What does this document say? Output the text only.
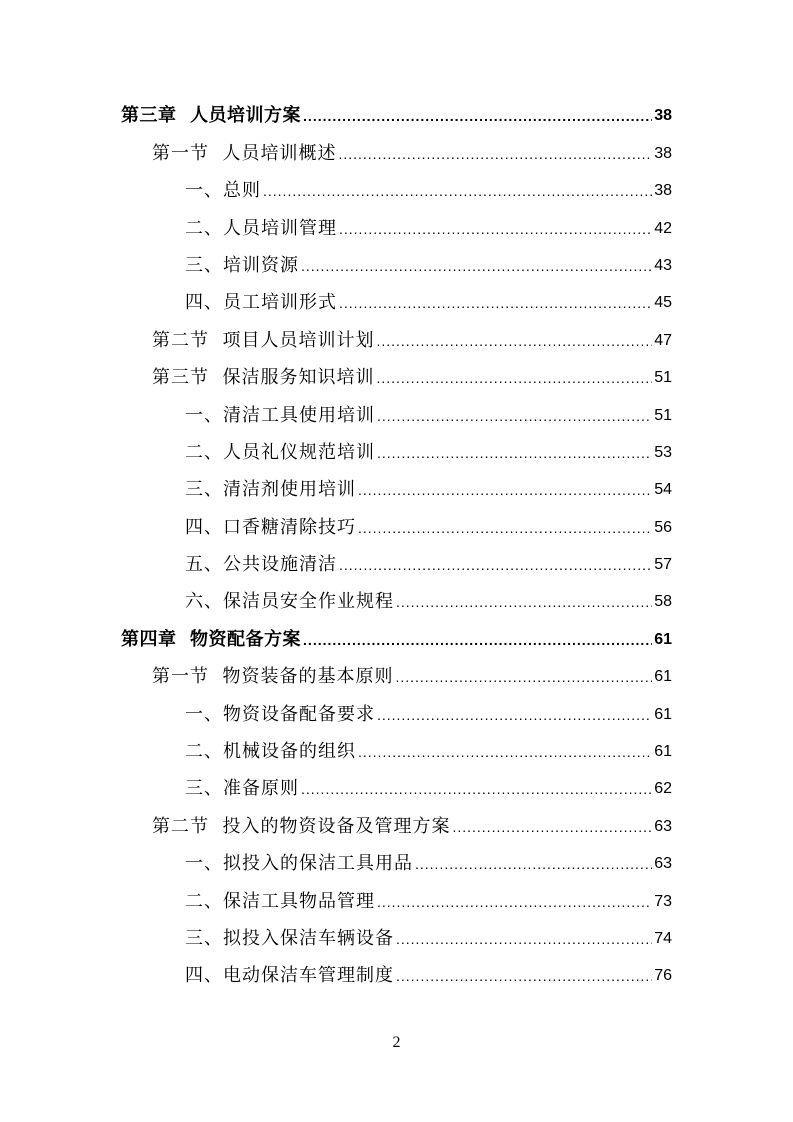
第三章  人员培训方案 .....	38
第一节  人员培训概述 .....	38
一、总则 .....	38
二、人员培训管理 .....	42
三、培训资源 .....	43
四、员工培训形式 .....	45
第二节  项目人员培训计划 .....	47
第三节  保洁服务知识培训 .....	51
一、清洁工具使用培训 .....	51
二、人员礼仪规范培训 .....	53
三、清洁剂使用培训 .....	54
四、口香糖清除技巧 .....	56
五、公共设施清洁 .....	57
六、保洁员安全作业规程 .....	58
第四章  物资配备方案 .....	61
第一节  物资装备的基本原则 .....	61
一、物资设备配备要求 .....	61
二、机械设备的组织 .....	61
三、准备原则 .....	62
第二节  投入的物资设备及管理方案 .....	63
一、拟投入的保洁工具用品 .....	63
二、保洁工具物品管理 .....	73
三、拟投入保洁车辆设备 .....	74
四、电动保洁车管理制度 .....	76
2
